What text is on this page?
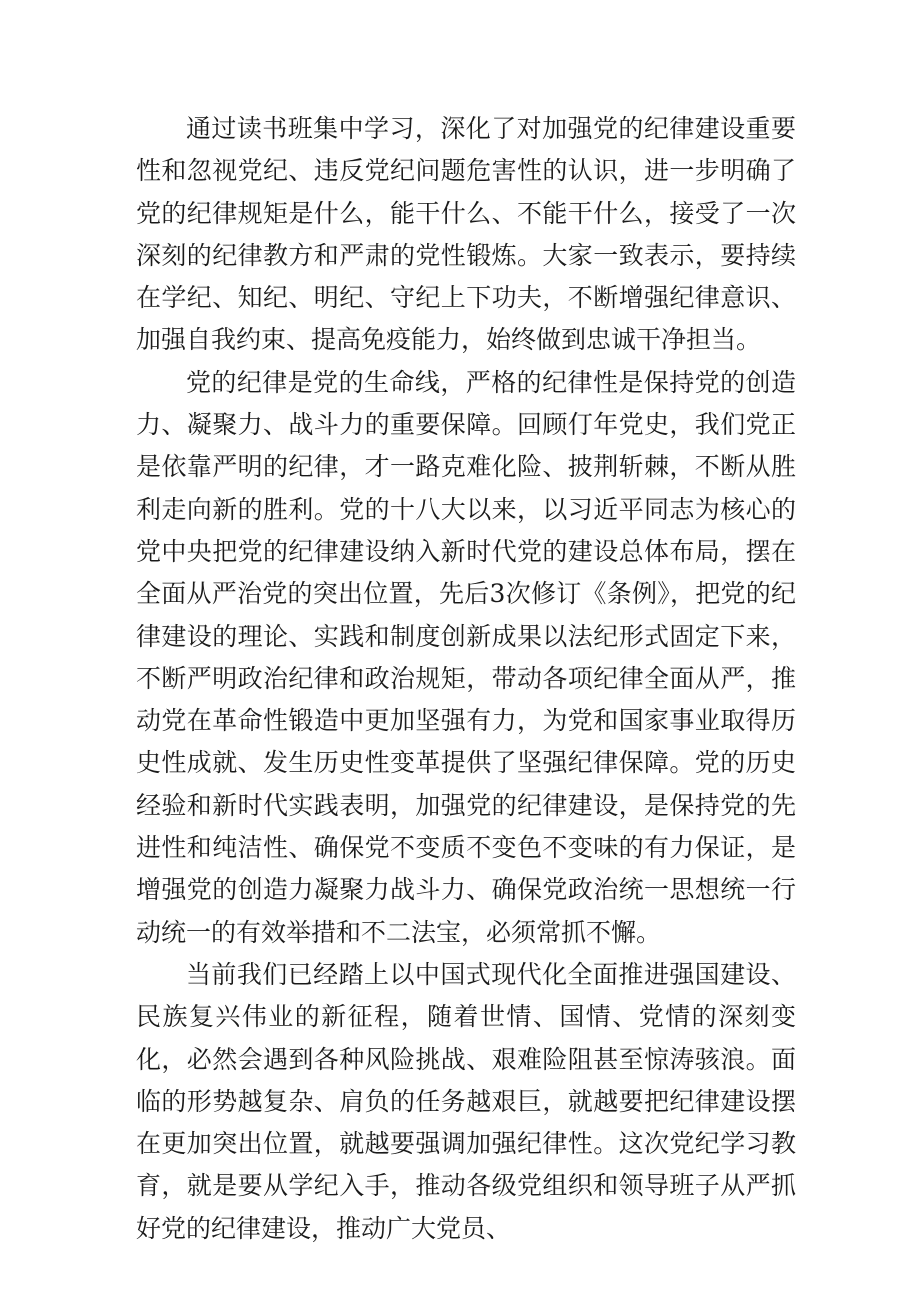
通过读书班集中学习，深化了对加强党的纪律建设重要性和忽视党纪、违反党纪问题危害性的认识，进一步明确了党的纪律规矩是什么，能干什么、不能干什么，接受了一次深刻的纪律教方和严肃的党性锻炼。大家一致表示，要持续在学纪、知纪、明纪、守纪上下功夫，不断增强纪律意识、加强自我约束、提高免疫能力，始终做到忠诚干净担当。

党的纪律是党的生命线，严格的纪律性是保持党的创造力、凝聚力、战斗力的重要保障。回顾仃年党史，我们党正是依靠严明的纪律，才一路克难化险、披荆斩棘，不断从胜利走向新的胜利。党的十八大以来，以习近平同志为核心的党中央把党的纪律建设纳入新时代党的建设总体布局，摆在全面从严治党的突出位置，先后3次修订《条例》，把党的纪律建设的理论、实践和制度创新成果以法纪形式固定下来，不断严明政治纪律和政治规矩，带动各项纪律全面从严，推动党在革命性锻造中更加坚强有力，为党和国家事业取得历史性成就、发生历史性变革提供了坚强纪律保障。党的历史经验和新时代实践表明，加强党的纪律建设，是保持党的先进性和纯洁性、确保党不变质不变色不变味的有力保证，是增强党的创造力凝聚力战斗力、确保党政治统一思想统一行动统一的有效举措和不二法宝，必须常抓不懈。

当前我们已经踏上以中国式现代化全面推进强国建设、民族复兴伟业的新征程，随着世情、国情、党情的深刻变化，必然会遇到各种风险挑战、艰难险阻甚至惊涛骇浪。面临的形势越复杂、肩负的任务越艰巨，就越要把纪律建设摆在更加突出位置，就越要强调加强纪律性。这次党纪学习教育，就是要从学纪入手，推动各级党组织和领导班子从严抓好党的纪律建设，推动广大党员、
